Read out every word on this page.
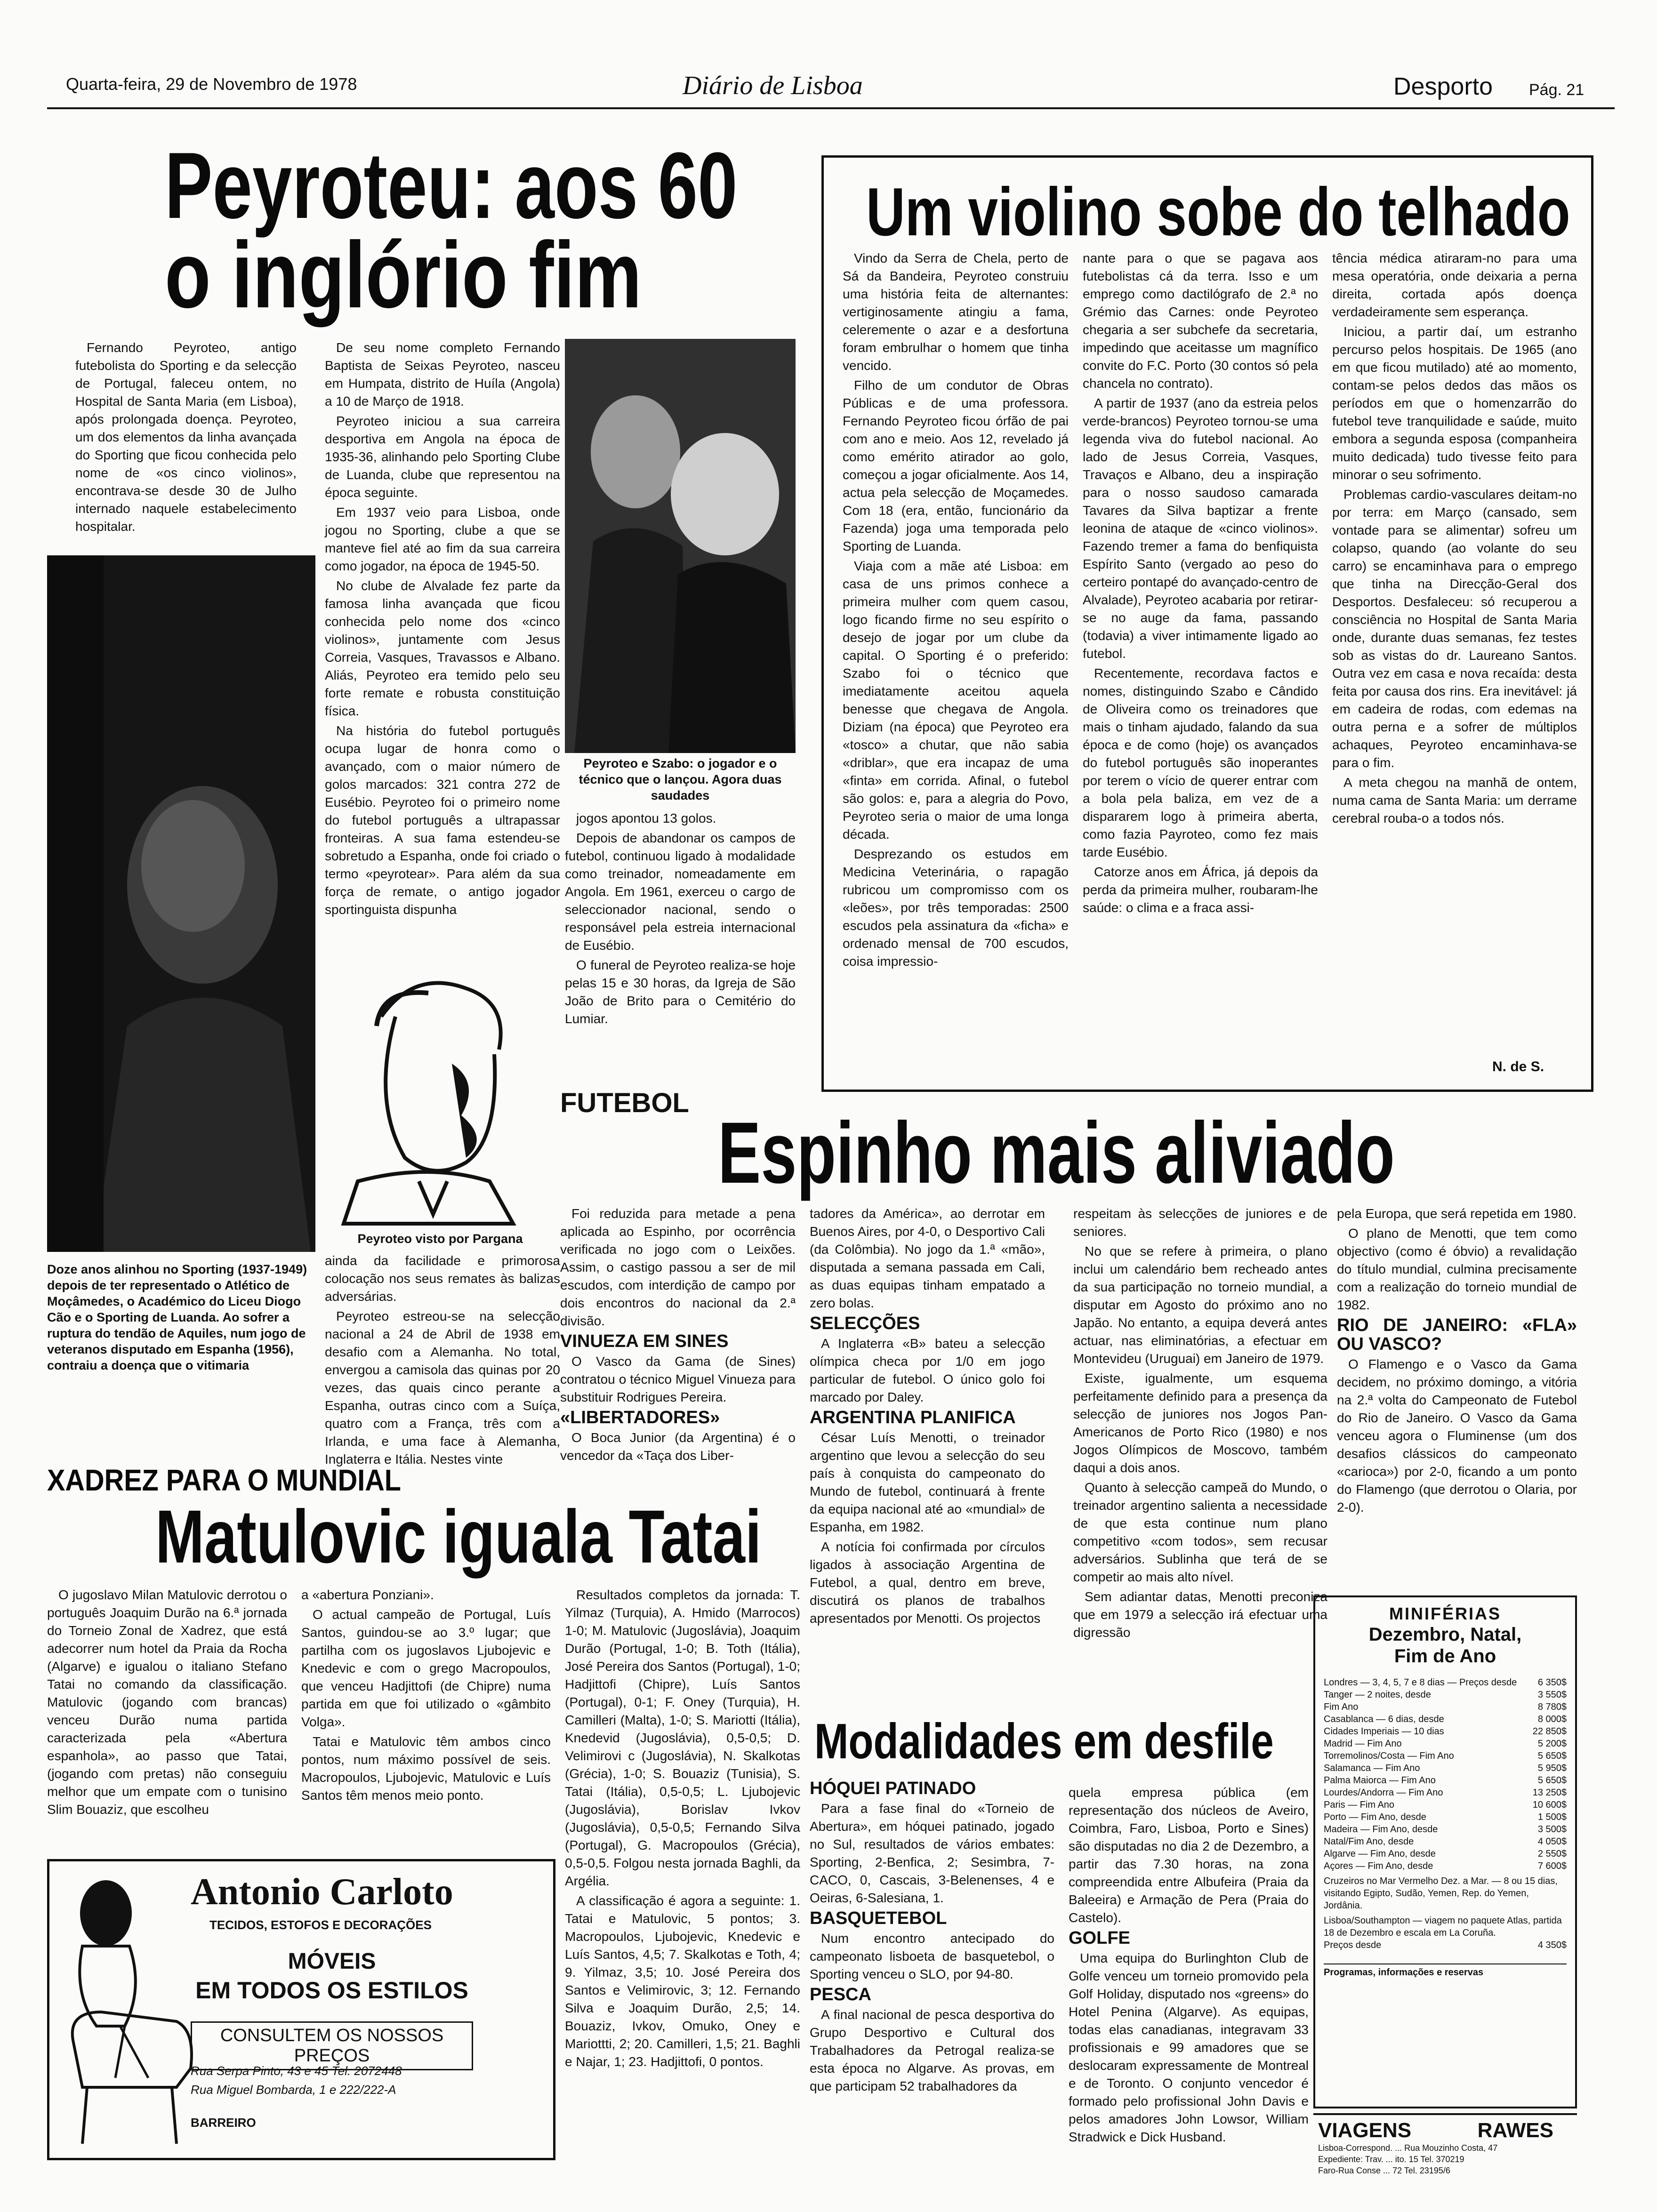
Quarta-feira, 29 de Novembro de 1978	Diário de Lisboa	Desporto Pág. 21
Peyroteu: aos 60
o inglório fim

Fernando Peyroteo, antigo futebolista do Sporting e da selecção de Portugal, faleceu ontem, no Hospital de Santa Maria (em Lisboa), após prolongada doença. Peyroteo, um dos elementos da linha avançada do Sporting que ficou conhecida pelo nome de «os cinco violinos», encontrava-se desde 30 de Julho internado naquele estabelecimento hospitalar.

Doze anos alinhou no Sporting (1937-1949) depois de ter representado o Atlético de Moçâmedes, o Académico do Liceu Diogo Cão e o Sporting de Luanda. Ao sofrer a ruptura do tendão de Aquiles, num jogo de veteranos disputado em Espanha (1956), contraiu a doença que o vitimaria

De seu nome completo Fernando Baptista de Seixas Peyroteo, nasceu em Humpata, distrito de Huíla (Angola) a 10 de Março de 1918.

Peyroteo iniciou a sua carreira desportiva em Angola na época de 1935-36, alinhando pelo Sporting Clube de Luanda, clube que representou na época seguinte.

Em 1937 veio para Lisboa, onde jogou no Sporting, clube a que se manteve fiel até ao fim da sua carreira como jogador, na época de 1945-50.

No clube de Alvalade fez parte da famosa linha avançada que ficou conhecida pelo nome dos «cinco violinos», juntamente com Jesus Correia, Vasques, Travassos e Albano. Aliás, Peyroteo era temido pelo seu forte remate e robusta constituição física.

Na história do futebol português ocupa lugar de honra como o avançado, com o maior número de golos marcados: 321 contra 272 de Eusébio. Peyroteo foi o primeiro nome do futebol português a ultrapassar fronteiras. A sua fama estendeu-se sobretudo a Espanha, onde foi criado o termo «peyrotear». Para além da sua força de remate, o antigo jogador sportinguista dispunha

Peyroteo e Szabo: o jogador e o técnico que o lançou. Agora duas saudades

jogos apontou 13 golos.

Depois de abandonar os campos de futebol, continuou ligado à modalidade como treinador, nomeadamente em Angola. Em 1961, exerceu o cargo de seleccionador nacional, sendo o responsável pela estreia internacional de Eusébio.

O funeral de Peyroteo realiza-se hoje pelas 15 e 30 horas, da Igreja de São João de Brito para o Cemitério do Lumiar.

Peyroteo visto por Pargana

ainda da facilidade e primorosa colocação nos seus remates às balizas adversárias.

Peyroteo estreou-se na selecção nacional a 24 de Abril de 1938 em desafio com a Alemanha. No total, envergou a camisola das quinas por 20 vezes, das quais cinco perante a Espanha, outras cinco com a Suíça, quatro com a França, três com a Irlanda, e uma face à Alemanha, Inglaterra e Itália. Nestes vinte

Um violino sobe do telhado

Vindo da Serra de Chela, perto de Sá da Bandeira, Peyroteo construiu uma história feita de alternantes: vertiginosamente atingiu a fama, celeremente o azar e a desfortuna foram embrulhar o homem que tinha vencido.

Filho de um condutor de Obras Públicas e de uma professora. Fernando Peyroteo ficou órfão de pai com ano e meio. Aos 12, revelado já como emérito atirador ao golo, começou a jogar oficialmente. Aos 14, actua pela selecção de Moçamedes. Com 18 (era, então, funcionário da Fazenda) joga uma temporada pelo Sporting de Luanda.

Viaja com a mãe até Lisboa: em casa de uns primos conhece a primeira mulher com quem casou, logo ficando firme no seu espírito o desejo de jogar por um clube da capital. O Sporting é o preferido: Szabo foi o técnico que imediatamente aceitou aquela benesse que chegava de Angola. Diziam (na época) que Peyroteo era «tosco» a chutar, que não sabia «driblar», que era incapaz de uma «finta» em corrida. Afinal, o futebol são golos: e, para a alegria do Povo, Peyroteo seria o maior de uma longa década.

Desprezando os estudos em Medicina Veterinária, o rapagão rubricou um compromisso com os «leões», por três temporadas: 2500 escudos pela assinatura da «ficha» e ordenado mensal de 700 escudos, coisa impressio-

nante para o que se pagava aos futebolistas cá da terra. Isso e um emprego como dactilógrafo de 2.ª no Grémio das Carnes: onde Peyroteo chegaria a ser subchefe da secretaria, impedindo que aceitasse um magnífico convite do F.C. Porto (30 contos só pela chancela no contrato).

A partir de 1937 (ano da estreia pelos verde-brancos) Peyroteo tornou-se uma legenda viva do futebol nacional. Ao lado de Jesus Correia, Vasques, Travaços e Albano, deu a inspiração para o nosso saudoso camarada Tavares da Silva baptizar a frente leonina de ataque de «cinco violinos». Fazendo tremer a fama do benfiquista Espírito Santo (vergado ao peso do certeiro pontapé do avançado-centro de Alvalade), Peyroteo acabaria por retirar-se no auge da fama, passando (todavia) a viver intimamente ligado ao futebol.

Recentemente, recordava factos e nomes, distinguindo Szabo e Cândido de Oliveira como os treinadores que mais o tinham ajudado, falando da sua época e de como (hoje) os avançados do futebol português são inoperantes por terem o vício de querer entrar com a bola pela baliza, em vez de a dispararem logo à primeira aberta, como fazia Payroteo, como fez mais tarde Eusébio.

Catorze anos em África, já depois da perda da primeira mulher, roubaram-lhe saúde: o clima e a fraca assi-

tência médica atiraram-no para uma mesa operatória, onde deixaria a perna direita, cortada após doença verdadeiramente sem esperança.

Iniciou, a partir daí, um estranho percurso pelos hospitais. De 1965 (ano em que ficou mutilado) até ao momento, contam-se pelos dedos das mãos os períodos em que o homenzarrão do futebol teve tranquilidade e saúde, muito embora a segunda esposa (companheira muito dedicada) tudo tivesse feito para minorar o seu sofrimento.

Problemas cardio-vasculares deitam-no por terra: em Março (cansado, sem vontade para se alimentar) sofreu um colapso, quando (ao volante do seu carro) se encaminhava para o emprego que tinha na Direcção-Geral dos Desportos. Desfaleceu: só recuperou a consciência no Hospital de Santa Maria onde, durante duas semanas, fez testes sob as vistas do dr. Laureano Santos. Outra vez em casa e nova recaída: desta feita por causa dos rins. Era inevitável: já em cadeira de rodas, com edemas na outra perna e a sofrer de múltiplos achaques, Peyroteo encaminhava-se para o fim.

A meta chegou na manhã de ontem, numa cama de Santa Maria: um derrame cerebral rouba-o a todos nós.

N. de S.
FUTEBOL
Espinho mais aliviado

Foi reduzida para metade a pena aplicada ao Espinho, por ocorrência verificada no jogo com o Leixões. Assim, o castigo passou a ser de mil escudos, com interdição de campo por dois encontros do nacional da 2.ª divisão.

VINUEZA EM SINES

O Vasco da Gama (de Sines) contratou o técnico Miguel Vinueza para substituir Rodrigues Pereira.

«LIBERTADORES»

O Boca Junior (da Argentina) é o vencedor da «Taça dos Liber-

tadores da América», ao derrotar em Buenos Aires, por 4-0, o Desportivo Cali (da Colômbia). No jogo da 1.ª «mão», disputada a semana passada em Cali, as duas equipas tinham empatado a zero bolas.

SELECÇÕES

A Inglaterra «B» bateu a selecção olímpica checa por 1/0 em jogo particular de futebol. O único golo foi marcado por Daley.

ARGENTINA PLANIFICA

César Luís Menotti, o treinador argentino que levou a selecção do seu país à conquista do campeonato do Mundo de futebol, continuará à frente da equipa nacional até ao «mundial» de Espanha, em 1982.

A notícia foi confirmada por círculos ligados à associação Argentina de Futebol, a qual, dentro em breve, discutirá os planos de trabalhos apresentados por Menotti. Os projectos

respeitam às selecções de juniores e de seniores.

No que se refere à primeira, o plano inclui um calendário bem recheado antes da sua participação no torneio mundial, a disputar em Agosto do próximo ano no Japão. No entanto, a equipa deverá antes actuar, nas eliminatórias, a efectuar em Montevideu (Uruguai) em Janeiro de 1979.

Existe, igualmente, um esquema perfeitamente definido para a presença da selecção de juniores nos Jogos Pan-Americanos de Porto Rico (1980) e nos Jogos Olímpicos de Moscovo, também daqui a dois anos.

Quanto à selecção campeã do Mundo, o treinador argentino salienta a necessidade de que esta continue num plano competitivo «com todos», sem recusar adversários. Sublinha que terá de se competir ao mais alto nível.

Sem adiantar datas, Menotti preconiza que em 1979 a selecção irá efectuar uma digressão

pela Europa, que será repetida em 1980.

O plano de Menotti, que tem como objectivo (como é óbvio) a revalidação do título mundial, culmina precisamente com a realização do torneio mundial de 1982.

RIO DE JANEIRO: «FLA» OU VASCO?

O Flamengo e o Vasco da Gama decidem, no próximo domingo, a vitória na 2.ª volta do Campeonato de Futebol do Rio de Janeiro. O Vasco da Gama venceu agora o Fluminense (um dos desafios clássicos do campeonato «carioca») por 2-0, ficando a um ponto do Flamengo (que derrotou o Olaria, por 2-0).

XADREZ PARA O MUNDIAL
Matulovic iguala Tatai

O jugoslavo Milan Matulovic derrotou o português Joaquim Durão na 6.ª jornada do Torneio Zonal de Xadrez, que está adecorrer num hotel da Praia da Rocha (Algarve) e igualou o italiano Stefano Tatai no comando da classificação. Matulovic (jogando com brancas) venceu Durão numa partida caracterizada pela «Abertura espanhola», ao passo que Tatai, (jogando com pretas) não conseguiu melhor que um empate com o tunisino Slim Bouaziz, que escolheu

a «abertura Ponziani».

O actual campeão de Portugal, Luís Santos, guindou-se ao 3.º lugar; que partilha com os jugoslavos Ljubojevic e Knedevic e com o grego Macropoulos, que venceu Hadjittofi (de Chipre) numa partida em que foi utilizado o «gâmbito Volga».

Tatai e Matulovic têm ambos cinco pontos, num máximo possível de seis. Macropoulos, Ljubojevic, Matulovic e Luís Santos têm menos meio ponto.

Resultados completos da jornada: T. Yilmaz (Turquia), A. Hmido (Marrocos) 1-0; M. Matulovic (Jugoslávia), Joaquim Durão (Portugal, 1-0; B. Toth (Itália), José Pereira dos Santos (Portugal), 1-0; Hadjittofi (Chipre), Luís Santos (Portugal), 0-1; F. Oney (Turquia), H. Camilleri (Malta), 1-0; S. Mariotti (Itália), Knedevid (Jugoslávia), 0,5-0,5; D. Velimirovi c (Jugoslávia), N. Skalkotas (Grécia), 1-0; S. Bouaziz (Tunisia), S. Tatai (Itália), 0,5-0,5; L. Ljubojevic (Jugoslávia), Borislav Ivkov (Jugoslávia), 0,5-0,5; Fernando Silva (Portugal), G. Macropoulos (Grécia), 0,5-0,5. Folgou nesta jornada Baghli, da Argélia.

A classificação é agora a seguinte: 1. Tatai e Matulovic, 5 pontos; 3. Macropoulos, Ljubojevic, Knedevic e Luís Santos, 4,5; 7. Skalkotas e Toth, 4; 9. Yilmaz, 3,5; 10. José Pereira dos Santos e Velimirovic, 3; 12. Fernando Silva e Joaquim Durão, 2,5; 14. Bouaziz, Ivkov, Omuko, Oney e Mariottti, 2; 20. Camilleri, 1,5; 21. Baghli e Najar, 1; 23. Hadjittofi, 0 pontos.

Antonio Carloto
TECIDOS, ESTOFOS E DECORAÇÕES
MÓVEIS
EM TODOS OS ESTILOS
CONSULTEM OS NOSSOS PREÇOS
Rua Serpa Pinto, 43 e 45 Tel. 2072448
Rua Miguel Bombarda, 1 e 222/222-A
BARREIRO
Modalidades em desfile

HÓQUEI PATINADO

Para a fase final do «Torneio de Abertura», em hóquei patinado, jogado no Sul, resultados de vários embates: Sporting, 2-Benfica, 2; Sesimbra, 7-CACO, 0, Cascais, 3-Belenenses, 4 e Oeiras, 6-Salesiana, 1.

BASQUETEBOL

Num encontro antecipado do campeonato lisboeta de basquetebol, o Sporting venceu o SLO, por 94-80.

PESCA

A final nacional de pesca desportiva do Grupo Desportivo e Cultural dos Trabalhadores da Petrogal realiza-se esta época no Algarve. As provas, em que participam 52 trabalhadores da

quela empresa pública (em representação dos núcleos de Aveiro, Coimbra, Faro, Lisboa, Porto e Sines) são disputadas no dia 2 de Dezembro, a partir das 7.30 horas, na zona compreendida entre Albufeira (Praia da Baleeira) e Armação de Pera (Praia do Castelo).

GOLFE

Uma equipa do Burlinghton Club de Golfe venceu um torneio promovido pela Golf Holiday, disputado nos «greens» do Hotel Penina (Algarve). As equipas, todas elas canadianas, integravam 33 profissionais e 99 amadores que se deslocaram expressamente de Montreal e de Toronto. O conjunto vencedor é formado pelo profissional John Davis e pelos amadores John Lowsor, William Stradwick e Dick Husband.

MINIFÉRIAS
Dezembro, Natal,
Fim de Ano
Londres — 3, 4, 5, 7 e 8 dias — Preços desde	6 350$
Tanger — 2 noites, desde	3 550$
Fim Ano	8 780$
Casablanca — 6 dias, desde	8 000$
Cidades Imperiais — 10 dias	22 850$
Madrid — Fim Ano	5 200$
Torremolinos/Costa — Fim Ano	5 650$
Salamanca — Fim Ano	5 950$
Palma Maiorca — Fim Ano	5 650$
Lourdes/Andorra — Fim Ano	13 250$
Paris — Fim Ano	10 600$
Porto — Fim Ano, desde	1 500$
Madeira — Fim Ano, desde	3 500$
Natal/Fim Ano, desde	4 050$
Algarve — Fim Ano, desde	2 550$
Açores — Fim Ano, desde	7 600$
Cruzeiros no Mar Vermelho Dez. a Mar. — 8 ou 15 dias, visitando Egipto, Sudão, Yemen, Rep. do Yemen, Jordânia.
Lisboa/Southampton — viagem no paquete Atlas, partida 18 de Dezembro e escala em La Coruña.
Preços desde	4 350$
Programas, informações e reservas
VIAGENS	RAWES
Lisboa-Correspond. ... Rua Mouzinho Costa, 47
Expediente: Trav. ... ito. 15 Tel. 370219
Faro-Rua Conse ... 72 Tel. 23195/6
